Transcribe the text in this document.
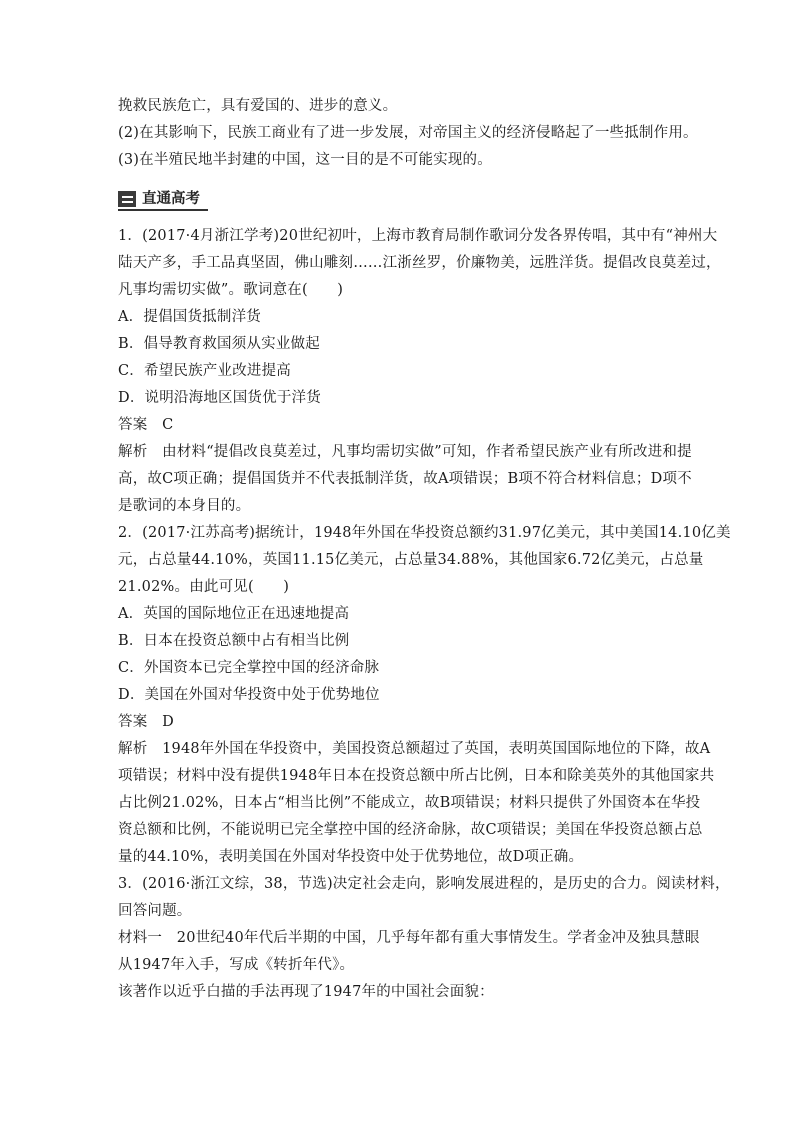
挽救民族危亡，具有爱国的、进步的意义。
(2)在其影响下，民族工商业有了进一步发展，对帝国主义的经济侵略起了一些抵制作用。
(3)在半殖民地半封建的中国，这一目的是不可能实现的。
直通高考
1．(2017·4月浙江学考)20世纪初叶，上海市教育局制作歌词分发各界传唱，其中有“神州大
陆天产多，手工品真坚固，佛山雕刻……江浙丝罗，价廉物美，远胜洋货。提倡改良莫差过，
凡事均需切实做”。歌词意在(　　)
A．提倡国货抵制洋货
B．倡导教育救国须从实业做起
C．希望民族产业改进提高
D．说明沿海地区国货优于洋货
答案　C
解析　由材料“提倡改良莫差过，凡事均需切实做”可知，作者希望民族产业有所改进和提
高，故C项正确；提倡国货并不代表抵制洋货，故A项错误；B项不符合材料信息；D项不
是歌词的本身目的。
2．(2017·江苏高考)据统计，1948年外国在华投资总额约31.97亿美元，其中美国14.10亿美
元，占总量44.10%，英国11.15亿美元，占总量34.88%，其他国家6.72亿美元，占总量
21.02%。由此可见(　　)
A．英国的国际地位正在迅速地提高
B．日本在投资总额中占有相当比例
C．外国资本已完全掌控中国的经济命脉
D．美国在外国对华投资中处于优势地位
答案　D
解析　1948年外国在华投资中，美国投资总额超过了英国，表明英国国际地位的下降，故A
项错误；材料中没有提供1948年日本在投资总额中所占比例，日本和除美英外的其他国家共
占比例21.02%，日本占“相当比例”不能成立，故B项错误；材料只提供了外国资本在华投
资总额和比例，不能说明已完全掌控中国的经济命脉，故C项错误；美国在华投资总额占总
量的44.10%，表明美国在外国对华投资中处于优势地位，故D项正确。
3．(2016·浙江文综，38，节选)决定社会走向，影响发展进程的，是历史的合力。阅读材料，
回答问题。
材料一　20世纪40年代后半期的中国，几乎每年都有重大事情发生。学者金冲及独具慧眼
从1947年入手，写成《转折年代》。
该著作以近乎白描的手法再现了1947年的中国社会面貌：
